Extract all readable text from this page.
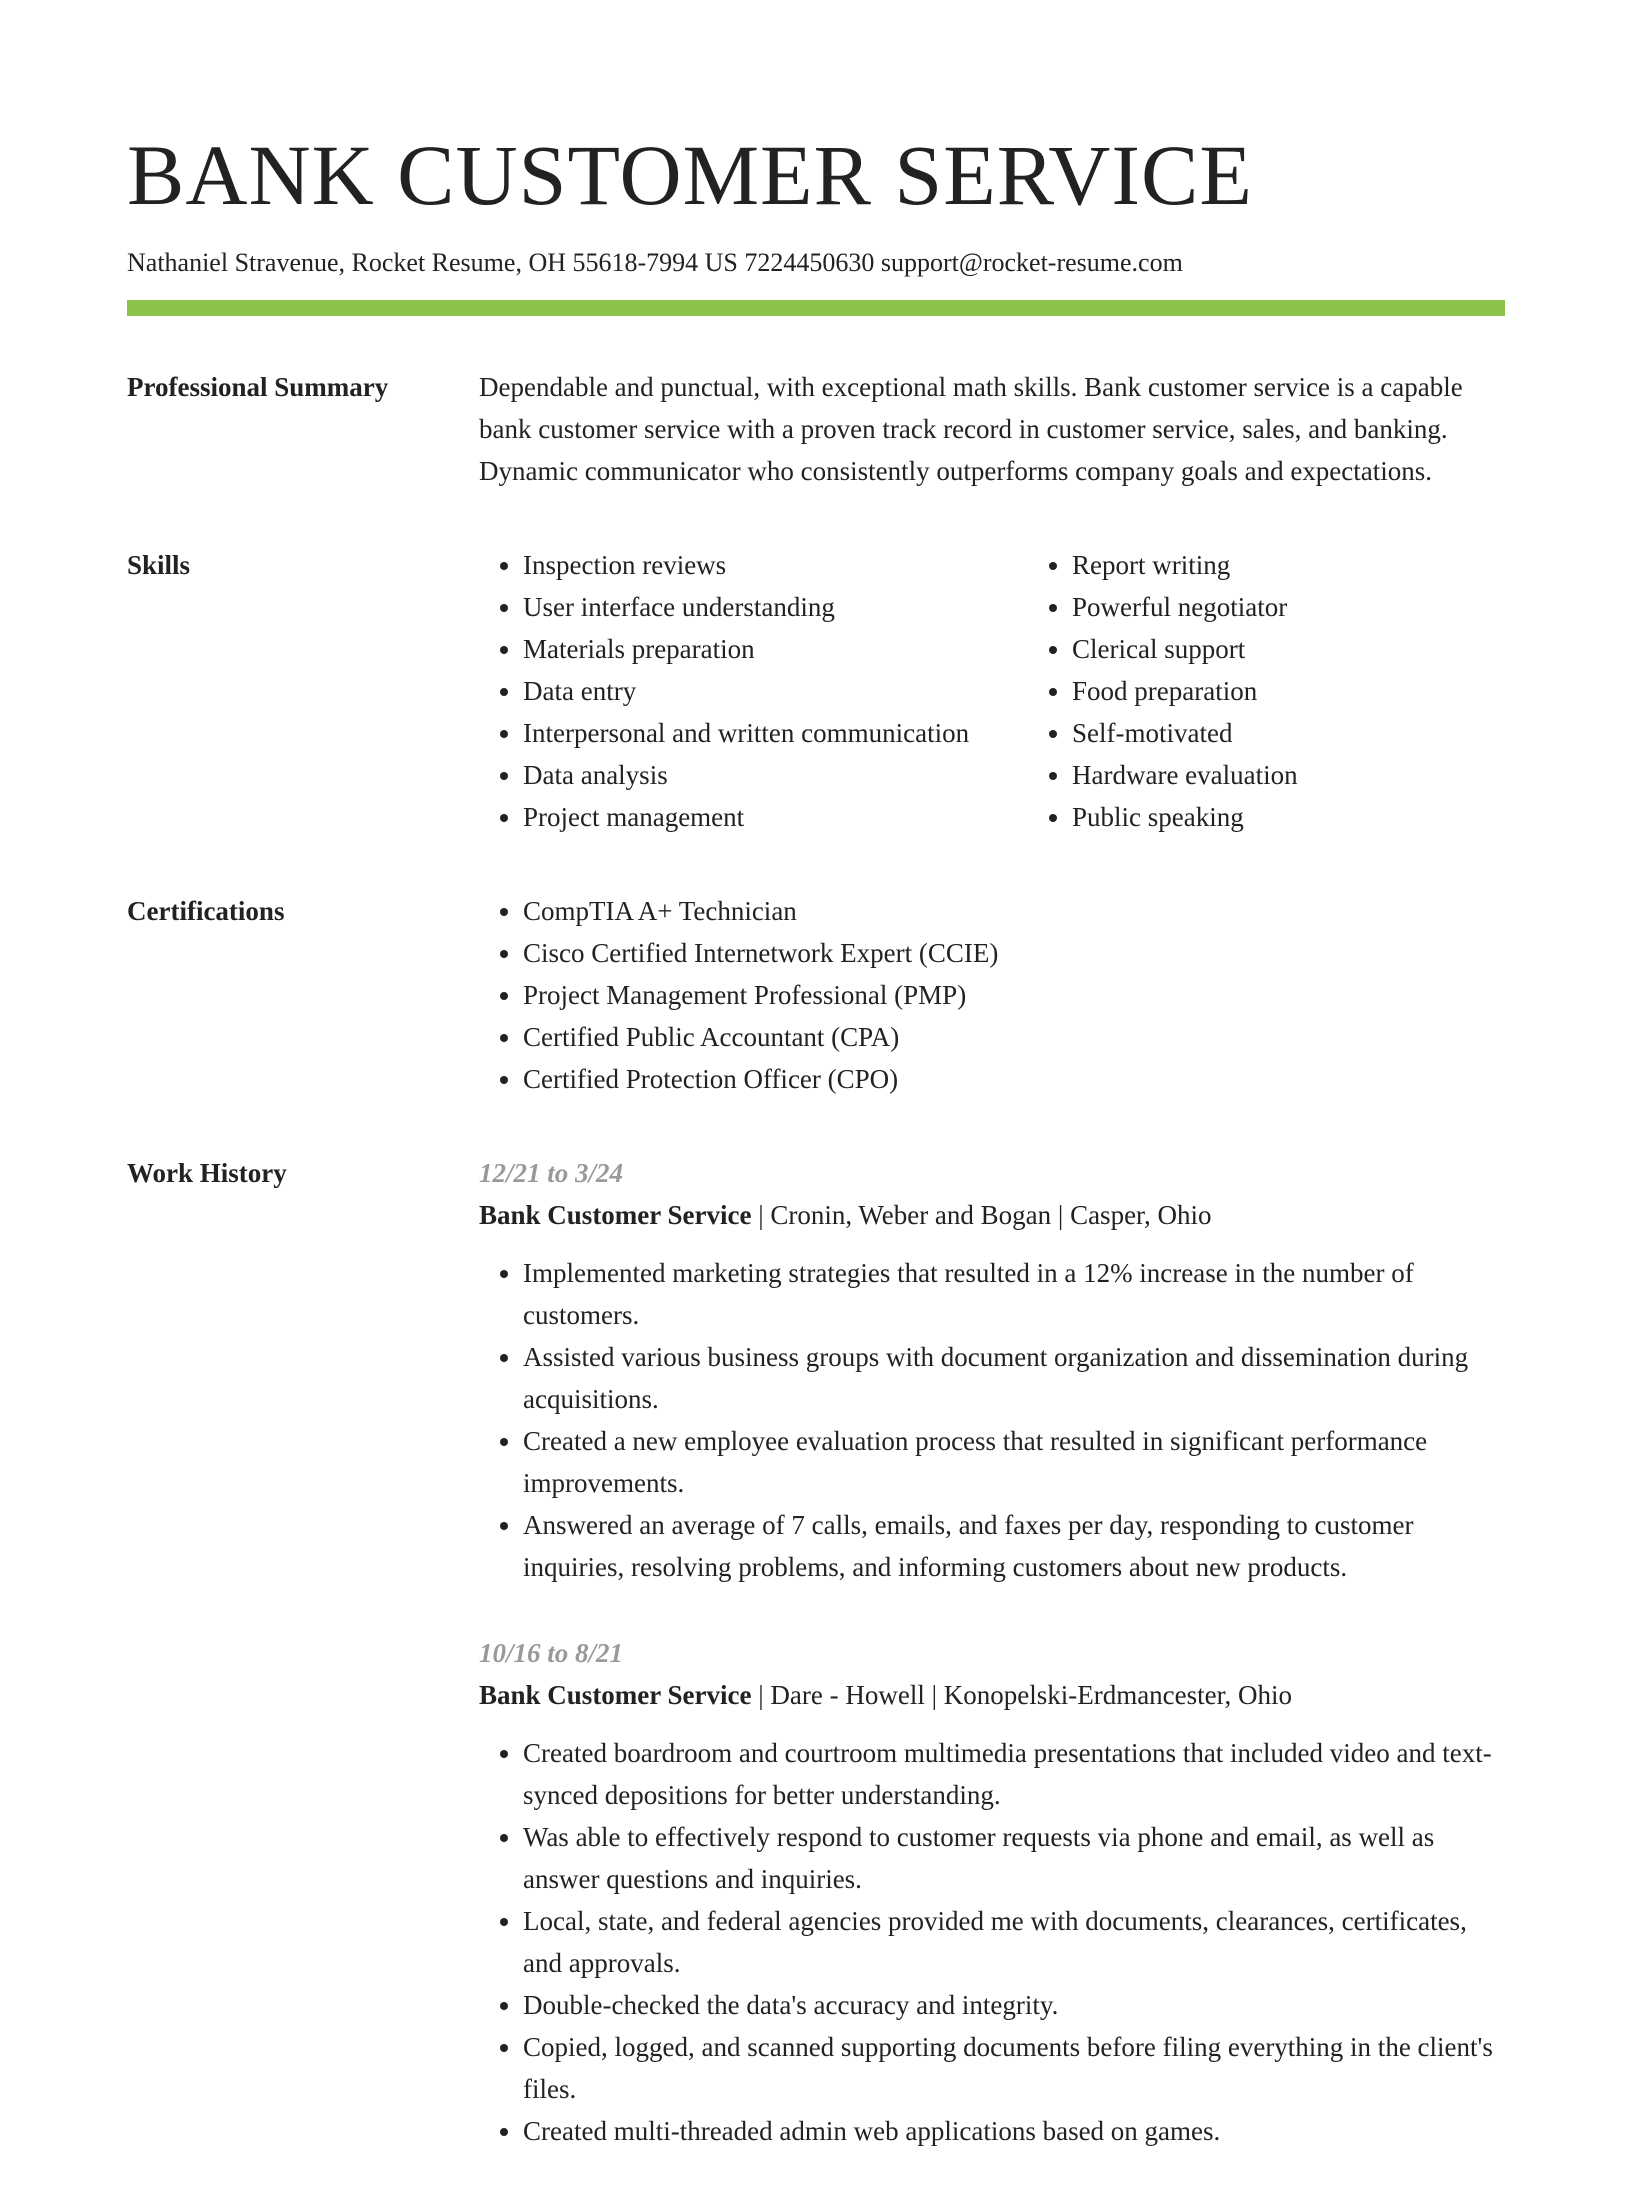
BANK CUSTOMER SERVICE
Nathaniel Stravenue, Rocket Resume, OH 55618-7994 US 7224450630 support@rocket-resume.com
Professional Summary	Dependable and punctual, with exceptional math skills. Bank customer service is a capable bank customer service with a proven track record in customer service, sales, and banking. Dynamic communicator who consistently outperforms company goals and expectations.
Skills	• Inspection reviews
• User interface understanding
• Materials preparation
• Data entry
• Interpersonal and written communication
• Data analysis
• Project management
• Report writing
• Powerful negotiator
• Clerical support
• Food preparation
• Self-motivated
• Hardware evaluation
• Public speaking
Certifications	• CompTIA A+ Technician
• Cisco Certified Internetwork Expert (CCIE)
• Project Management Professional (PMP)
• Certified Public Accountant (CPA)
• Certified Protection Officer (CPO)
Work History	12/21 to 3/24
Bank Customer Service | Cronin, Weber and Bogan | Casper, Ohio
• Implemented marketing strategies that resulted in a 12% increase in the number of customers.
• Assisted various business groups with document organization and dissemination during acquisitions.
• Created a new employee evaluation process that resulted in significant performance improvements.
• Answered an average of 7 calls, emails, and faxes per day, responding to customer inquiries, resolving problems, and informing customers about new products.
10/16 to 8/21
Bank Customer Service | Dare - Howell | Konopelski-Erdmancester, Ohio
• Created boardroom and courtroom multimedia presentations that included video and text-synced depositions for better understanding.
• Was able to effectively respond to customer requests via phone and email, as well as answer questions and inquiries.
• Local, state, and federal agencies provided me with documents, clearances, certificates, and approvals.
• Double-checked the data's accuracy and integrity.
• Copied, logged, and scanned supporting documents before filing everything in the client's files.
• Created multi-threaded admin web applications based on games.
